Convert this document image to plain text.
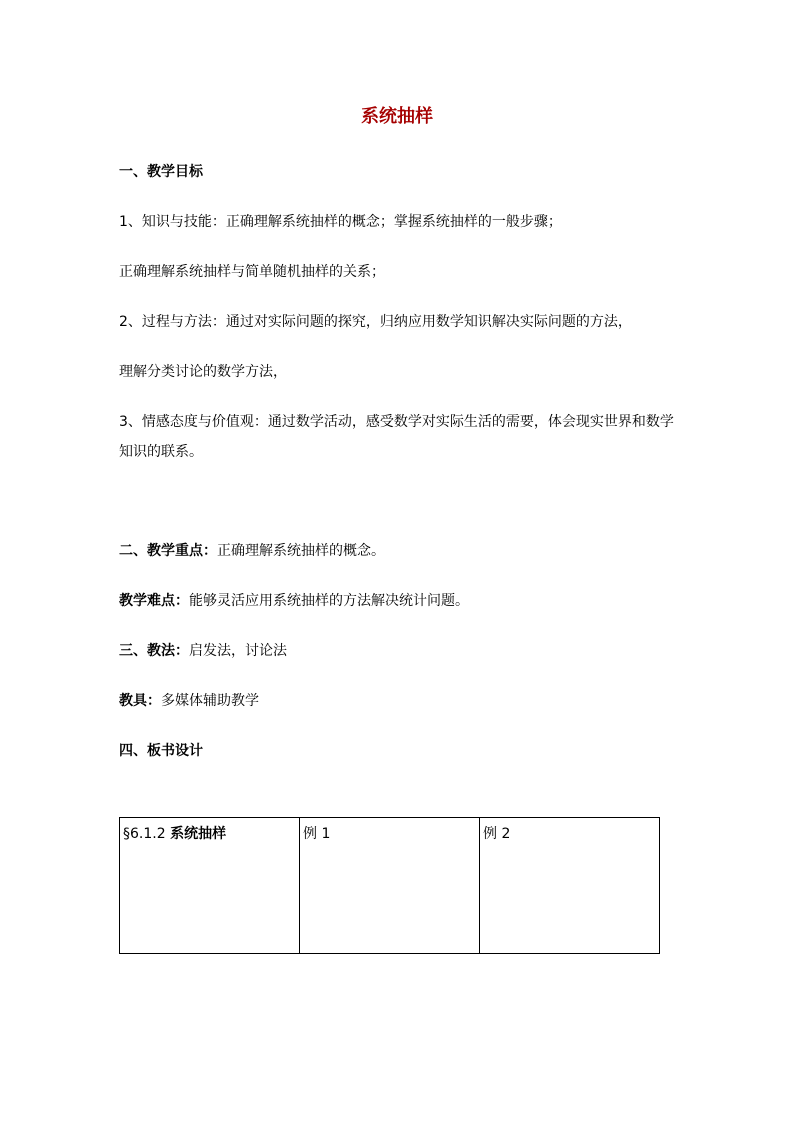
系统抽样
一、教学目标
1、知识与技能：正确理解系统抽样的概念；掌握系统抽样的一般步骤；
正确理解系统抽样与简单随机抽样的关系；
2、过程与方法：通过对实际问题的探究，归纳应用数学知识解决实际问题的方法，
理解分类讨论的数学方法，
3、情感态度与价值观：通过数学活动，感受数学对实际生活的需要，体会现实世界和数学知识的联系。
二、教学重点：正确理解系统抽样的概念。
教学难点：能够灵活应用系统抽样的方法解决统计问题。
三、教法：启发法，讨论法
教具：多媒体辅助教学
四、板书设计
§6.1.2 系统抽样	例 1	例 2
